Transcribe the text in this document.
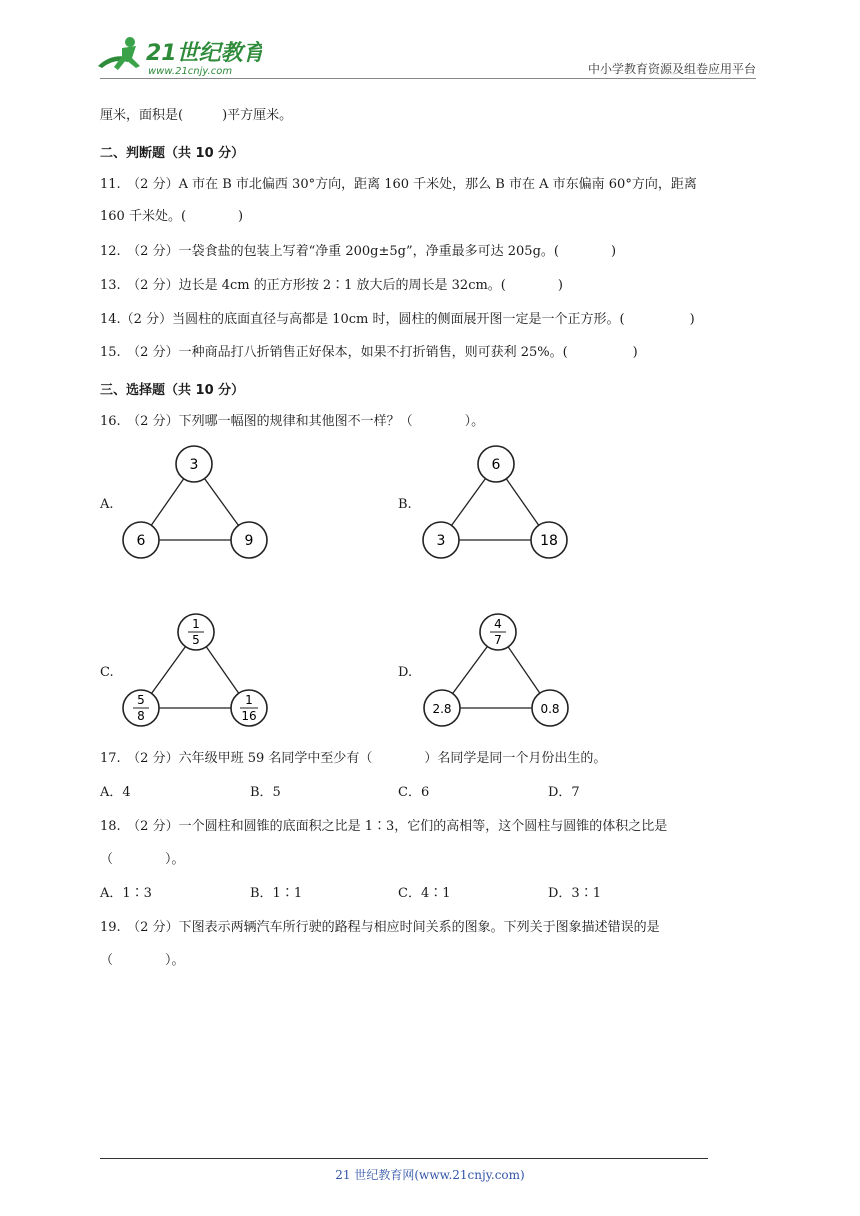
21世纪教育
www.21cnjy.com	中小学教育资源及组卷应用平台
厘米，面积是(　　　)平方厘米。
二、判断题（共 10 分）
11.　（2 分）A 市在 B 市北偏西 30°方向，距离 160 千米处，那么 B 市在 A 市东偏南 60°方向，距离
160 千米处。(　　　　)
12.　（2 分）一袋食盐的包装上写着“净重 200g±5g”，净重最多可达 205g。(　　　　)
13.　（2 分）边长是 4cm 的正方形按 2∶1 放大后的周长是 32cm。(　　　　)
14.（2 分）当圆柱的底面直径与高都是 10cm 时，圆柱的侧面展开图一定是一个正方形。(　　　　　)
15.　（2 分）一种商品打八折销售正好保本，如果不打折销售，则可获利 25%。(　　　　　)
三、选择题（共 10 分）
16.　（2 分）下列哪一幅图的规律和其他图不一样？（　　　　）。
A.
3
6	9
B.
6
3	18
C.
1
5
5
8
1
16
D.
4
7
2.8	0.8
17.　（2 分）六年级甲班 59 名同学中至少有（　　　　）名同学是同一个月份出生的。
A．4	B．5	C．6	D．7
18.　（2 分）一个圆柱和圆锥的底面积之比是 1∶3，它们的高相等，这个圆柱与圆锥的体积之比是
（　　　　）。
A．1∶3	B．1∶1	C．4∶1	D．3∶1
19.　（2 分）下图表示两辆汽车所行驶的路程与相应时间关系的图象。下列关于图象描述错误的是
（　　　　）。
21 世纪教育网(www.21cnjy.com)
